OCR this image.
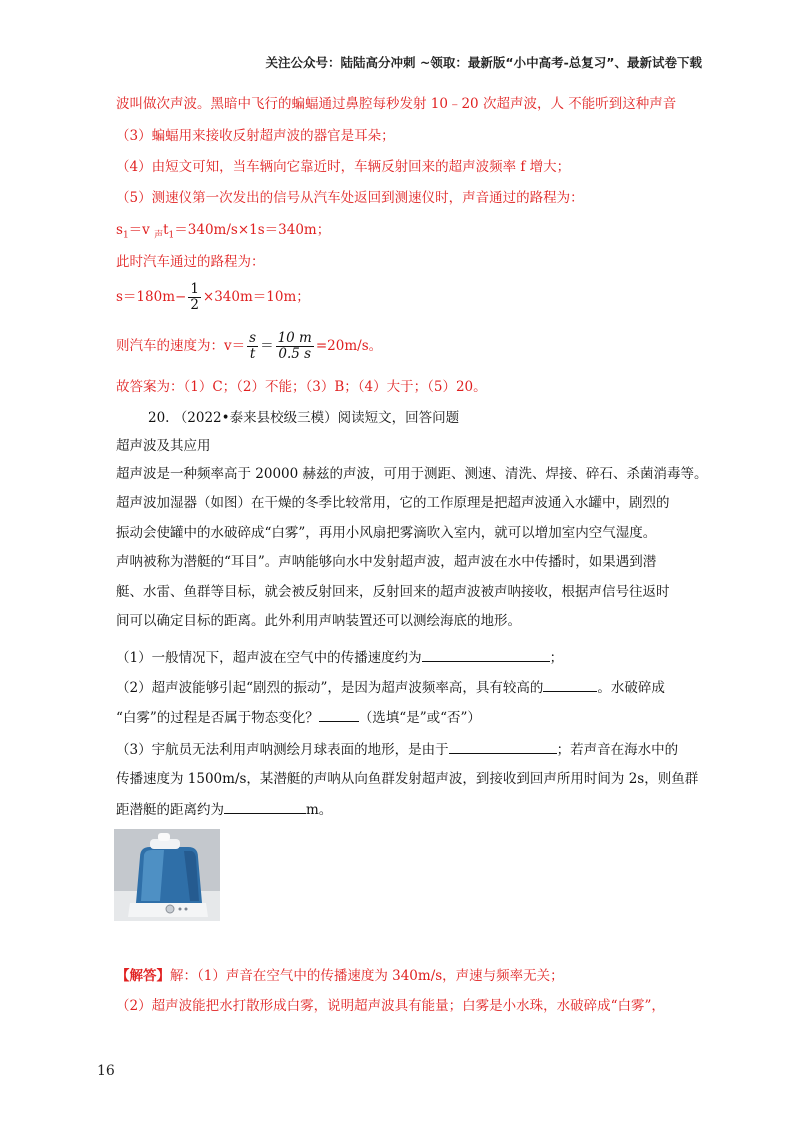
关注公众号：陆陆高分冲刺 ~领取：最新版“小中高考-总复习”、最新试卷下载
波叫做次声波。黑暗中飞行的蝙蝠通过鼻腔每秒发射 10﹣20 次超声波，人 不能听到这种声音
（3）蝙蝠用来接收反射超声波的器官是耳朵；
（4）由短文可知，当车辆向它靠近时，车辆反射回来的超声波频率 f 增大；
（5）测速仪第一次发出的信号从汽车处返回到测速仪时，声音通过的路程为：
$s_1=v$ $_声t_1=340m/s\times 1s=340m$；
此时汽车通过的路程为：
$s=180m- \frac{1}{2} \times 340m=10m$；
则汽车的速度为：$v= \frac{s}{t} = \frac{10 m}{0.5 s} =20m/s$。
故答案为：（1）C；（2）不能；（3）B；（4）大于；（5）20。
20. （2022•泰来县校级三模）阅读短文，回答问题
超声波及其应用
超声波是一种频率高于 20000 赫兹的声波，可用于测距、测速、清洗、焊接、碎石、杀菌消毒等。
超声波加湿器（如图）在干燥的冬季比较常用，它的工作原理是把超声波通入水罐中，剧烈的
振动会使罐中的水破碎成“白雾”，再用小风扇把雾滴吹入室内，就可以增加室内空气湿度。
声呐被称为潜艇的“耳目”。声呐能够向水中发射超声波，超声波在水中传播时，如果遇到潜
艇、水雷、鱼群等目标，就会被反射回来，反射回来的超声波被声呐接收，根据声信号往返时
间可以确定目标的距离。此外利用声呐装置还可以测绘海底的地形。
（1）一般情况下，超声波在空气中的传播速度约为	；
（2）超声波能够引起“剧烈的振动”，是因为超声波频率高，具有较高的	。水破碎成
“白雾”的过程是否属于物态变化？	（选填“是”或“否”）
（3）宇航员无法利用声呐测绘月球表面的地形，是由于	；若声音在海水中的
传播速度为 1500m/s，某潜艇的声呐从向鱼群发射超声波，到接收到回声所用时间为 2s，则鱼群
距潜艇的距离约为	m。
【解答】解：（1）声音在空气中的传播速度为 340m/s，声速与频率无关；
（2）超声波能把水打散形成白雾，说明超声波具有能量；白雾是小水珠，水破碎成“白雾”，
16
